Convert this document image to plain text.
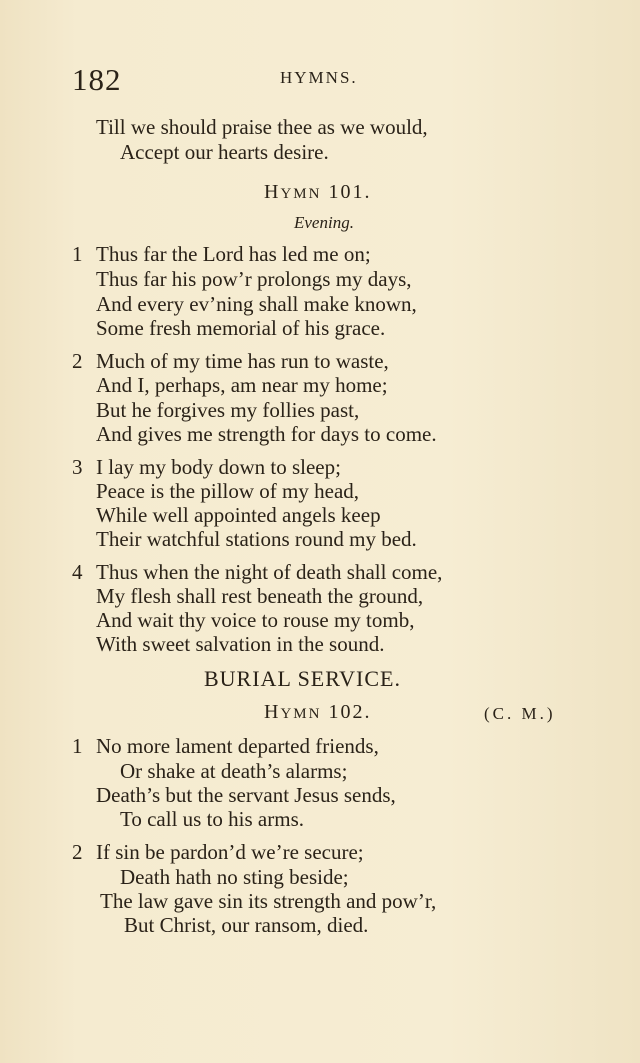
182	HYMNS.
Till we should praise thee as we would,
Accept our hearts desire.
HYMN 101.
Evening.
1 Thus far the Lord has led me on;
Thus far his pow’r prolongs my days,
And every ev’ning shall make known,
Some fresh memorial of his grace.
2 Much of my time has run to waste,
And I, perhaps, am near my home;
But he forgives my follies past,
And gives me strength for days to come.
3 I lay my body down to sleep;
Peace is the pillow of my head,
While well appointed angels keep
Their watchful stations round my bed.
4 Thus when the night of death shall come,
My flesh shall rest beneath the ground,
And wait thy voice to rouse my tomb,
With sweet salvation in the sound.
BURIAL SERVICE.
HYMN 102.	(C. M.)
1 No more lament departed friends,
Or shake at death’s alarms;
Death’s but the servant Jesus sends,
To call us to his arms.
2 If sin be pardon’d we’re secure;
Death hath no sting beside;
The law gave sin its strength and pow’r,
But Christ, our ransom, died.
